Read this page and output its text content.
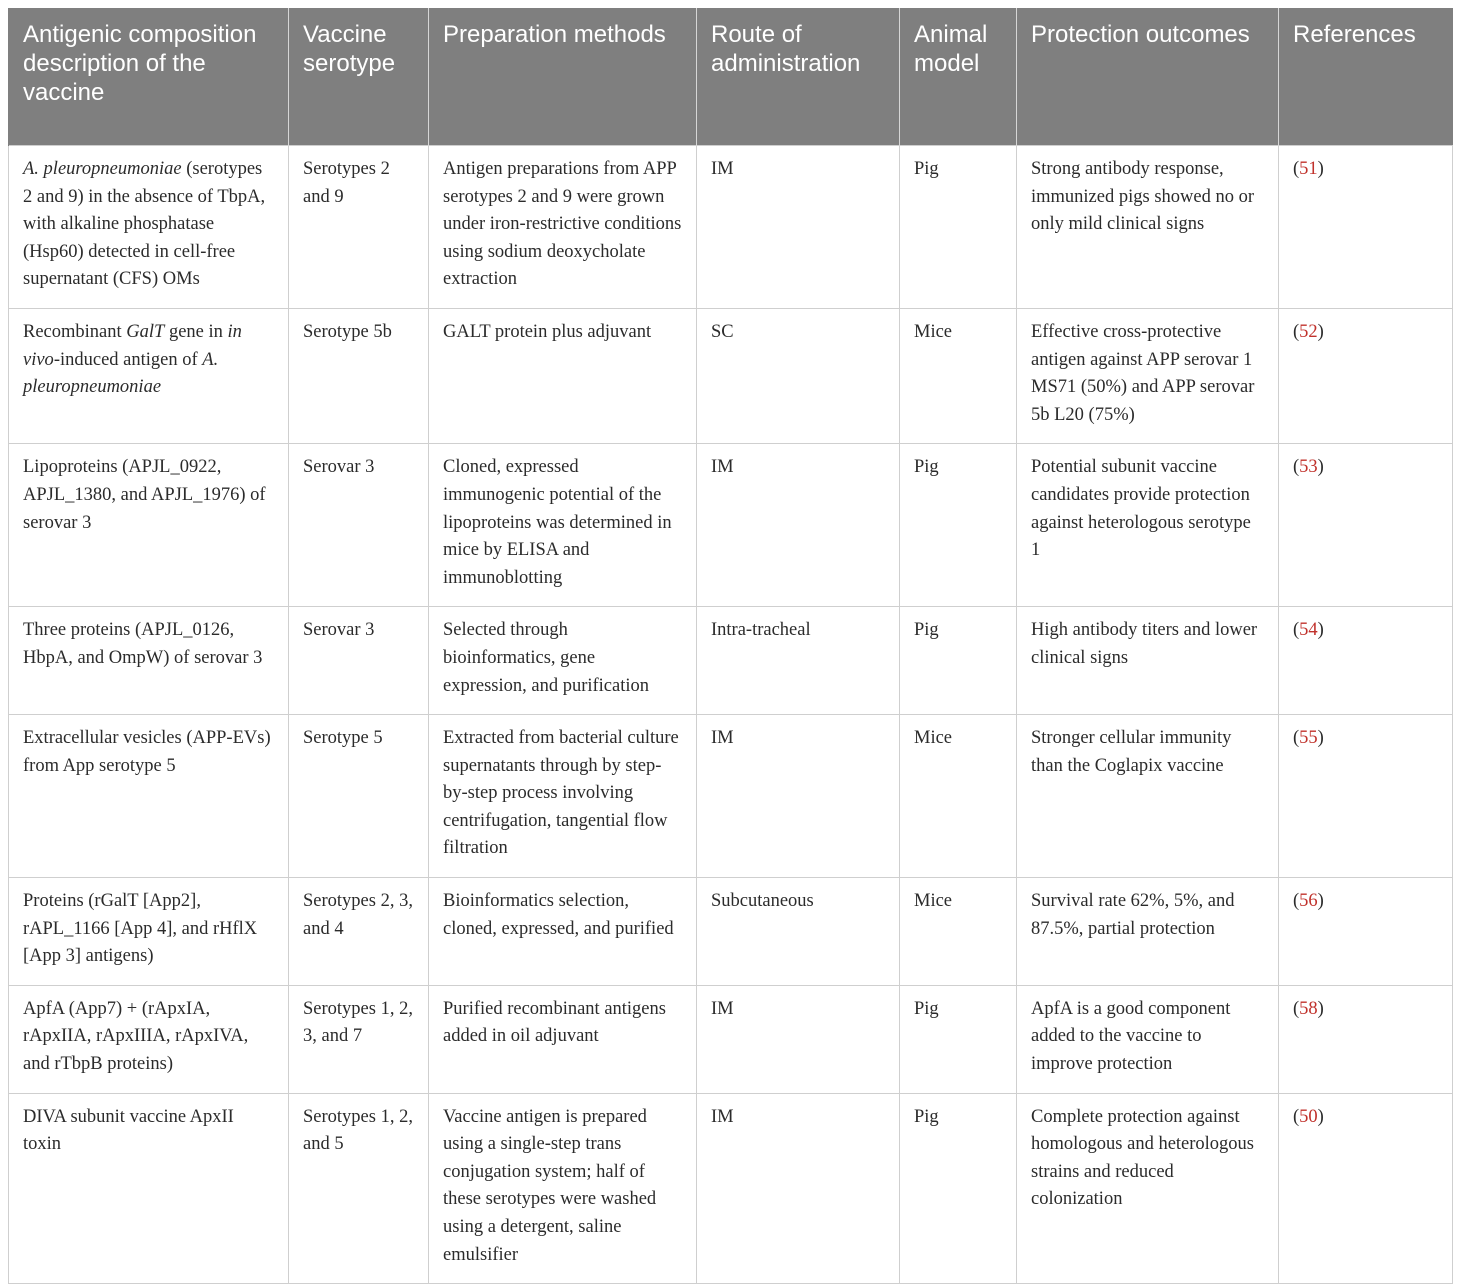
Antigenic composition description of the vaccine	Vaccine serotype	Preparation methods	Route of administration	Animal model	Protection outcomes	References
A. pleuropneumoniae (serotypes 2 and 9) in the absence of TbpA, with alkaline phosphatase (Hsp60) detected in cell-free supernatant (CFS) OMs	Serotypes 2 and 9	Antigen preparations from APP serotypes 2 and 9 were grown under iron-restrictive conditions using sodium deoxycholate extraction	IM	Pig	Strong antibody response, immunized pigs showed no or only mild clinical signs	(51)
Recombinant GalT gene in in vivo-induced antigen of A. pleuropneumoniae	Serotype 5b	GALT protein plus adjuvant	SC	Mice	Effective cross-protective antigen against APP serovar 1 MS71 (50%) and APP serovar 5b L20 (75%)	(52)
Lipoproteins (APJL_0922, APJL_1380, and APJL_1976) of serovar 3	Serovar 3	Cloned, expressed immunogenic potential of the lipoproteins was determined in mice by ELISA and immunoblotting	IM	Pig	Potential subunit vaccine candidates provide protection against heterologous serotype 1	(53)
Three proteins (APJL_0126, HbpA, and OmpW) of serovar 3	Serovar 3	Selected through bioinformatics, gene expression, and purification	Intra-tracheal	Pig	High antibody titers and lower clinical signs	(54)
Extracellular vesicles (APP-EVs) from App serotype 5	Serotype 5	Extracted from bacterial culture supernatants through by step-by-step process involving centrifugation, tangential flow filtration	IM	Mice	Stronger cellular immunity than the Coglapix vaccine	(55)
Proteins (rGalT [App2], rAPL_1166 [App 4], and rHflX [App 3] antigens)	Serotypes 2, 3, and 4	Bioinformatics selection, cloned, expressed, and purified	Subcutaneous	Mice	Survival rate 62%, 5%, and 87.5%, partial protection	(56)
ApfA (App7) + (rApxIA, rApxIIA, rApxIIIA, rApxIVA, and rTbpB proteins)	Serotypes 1, 2, 3, and 7	Purified recombinant antigens added in oil adjuvant	IM	Pig	ApfA is a good component added to the vaccine to improve protection	(58)
DIVA subunit vaccine ApxII toxin	Serotypes 1, 2, and 5	Vaccine antigen is prepared using a single-step trans conjugation system; half of these serotypes were washed using a detergent, saline emulsifier	IM	Pig	Complete protection against homologous and heterologous strains and reduced colonization	(50)
